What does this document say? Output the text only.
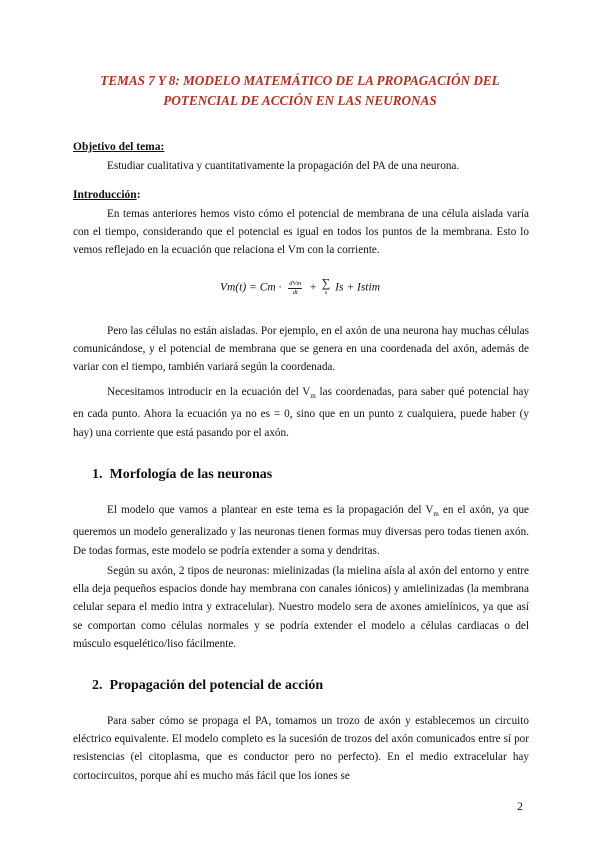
TEMAS 7 Y 8: MODELO MATEMÁTICO DE LA PROPAGACIÓN DEL
POTENCIAL DE ACCIÓN EN LAS NEURONAS
Objetivo del tema:
Estudiar cualitativa y cuantitativamente la propagación del PA de una neurona.
Introducción:

En temas anteriores hemos visto cómo el potencial de membrana de una célula aislada varía con el tiempo, considerando que el potencial es igual en todos los puntos de la membrana. Esto lo vemos reflejado en la ecuación que relaciona el Vm con la corriente.

$Vm(t) = Cm \cdot \frac{\text{dVm}}{dt}$ + ∑
s Is + Istim

Pero las células no están aisladas. Por ejemplo, en el axón de una neurona hay muchas células comunicándose, y el potencial de membrana que se genera en una coordenada del axón, además de variar con el tiempo, también variará según la coordenada.

Necesitamos introducir en la ecuación del $V_m$ las coordenadas, para saber qué potencial hay en cada punto. Ahora la ecuación ya no es = 0, sino que en un punto z cualquiera, puede haber (y hay) una corriente que está pasando por el axón.

1. Morfología de las neuronas

El modelo que vamos a plantear en este tema es la propagación del $V_m$ en el axón, ya que queremos un modelo generalizado y las neuronas tienen formas muy diversas pero todas tienen axón. De todas formas, este modelo se podría extender a soma y dendritas.

Según su axón, 2 tipos de neuronas: mielinizadas (la mielina aísla al axón del entorno y entre ella deja pequeños espacios donde hay membrana con canales iónicos) y amielinizadas (la membrana celular separa el medio intra y extracelular). Nuestro modelo sera de axones amielínicos, ya que así se comportan como células normales y se podría extender el modelo a células cardiacas o del músculo esquelético/liso fácilmente.

2. Propagación del potencial de acción

Para saber cómo se propaga el PA, tomamos un trozo de axón y establecemos un circuito eléctrico equivalente. El modelo completo es la sucesión de trozos del axón comunicados entre sí por resistencias (el citoplasma, que es conductor pero no perfecto). En el medio extracelular hay cortocircuitos, porque ahí es mucho más fácil que los iones se

2
